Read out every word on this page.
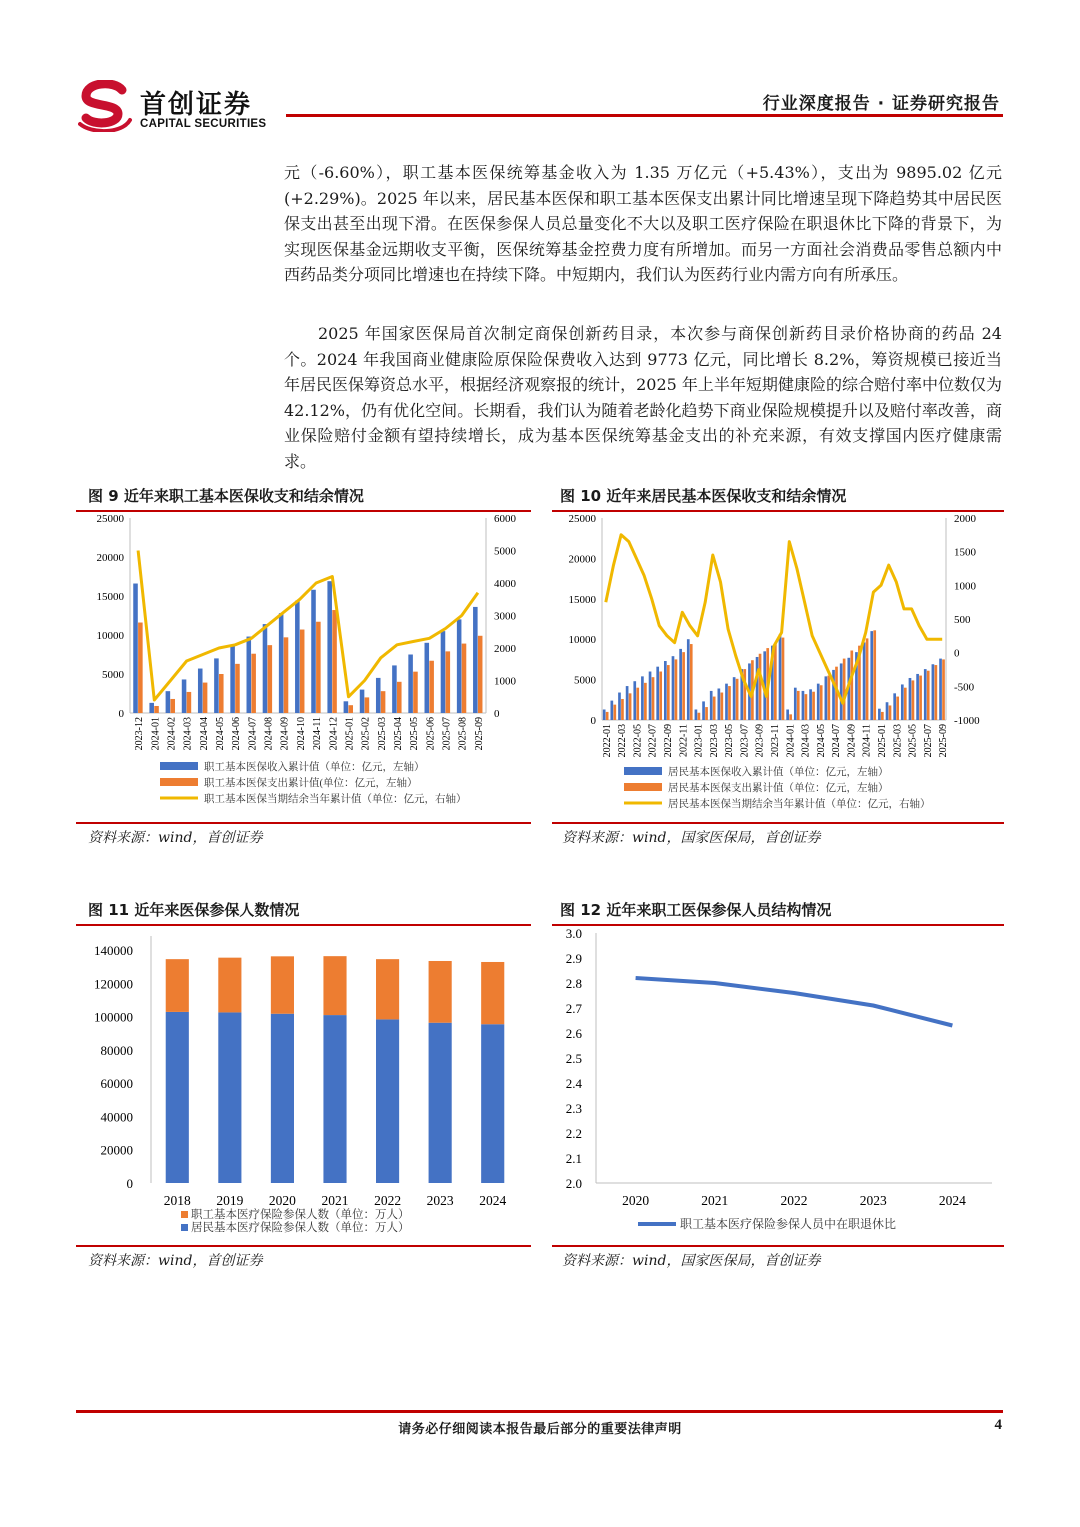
首创证券
CAPITAL SECURITIES
行业深度报告 · 证券研究报告

元（-6.60%），职工基本医保统筹基金收入为 1.35 万亿元（+5.43%），支出为 9895.02 亿元(+2.29%)。2025 年以来，居民基本医保和职工基本医保支出累计同比增速呈现下降趋势其中居民医保支出甚至出现下滑。在医保参保人员总量变化不大以及职工医疗保险在职退休比下降的背景下，为实现医保基金远期收支平衡，医保统筹基金控费力度有所增加。而另一方面社会消费品零售总额内中西药品类分项同比增速也在持续下降。中短期内，我们认为医药行业内需方向有所承压。

2025 年国家医保局首次制定商保创新药目录，本次参与商保创新药目录价格协商的药品 24 个。2024 年我国商业健康险原保险保费收入达到 9773 亿元，同比增长 8.2%，筹资规模已接近当年居民医保筹资总水平，根据经济观察报的统计，2025 年上半年短期健康险的综合赔付率中位数仅为 42.12%，仍有优化空间。长期看，我们认为随着老龄化趋势下商业保险规模提升以及赔付率改善，商业保险赔付金额有望持续增长，成为基本医保统筹基金支出的补充来源，有效支撑国内医疗健康需求。

图 9 近年来职工基本医保收支和结余情况
0
5000
10000
15000
20000
25000
0
1000
2000
3000
4000
5000
6000
2023-12 2024-01 2024-02 2024-03 2024-04 2024-05 2024-06 2024-07 2024-08 2024-09 2024-10 2024-11 2024-12 2025-01 2025-02 2025-03 2025-04 2025-05 2025-06 2025-07 2025-08 2025-09
职工基本医保收入累计值（单位：亿元，左轴）
职工基本医保支出累计值(单位：亿元，左轴）
职工基本医保当期结余当年累计值（单位：亿元，右轴）
资料来源：wind，首创证券
图 10 近年来居民基本医保收支和结余情况
0
5000
10000
15000
20000
25000
-1000
-500
0
500
1000
1500
2000
2022-01 2022-03 2022-05 2022-07 2022-09 2022-11 2023-01 2023-03 2023-05 2023-07 2023-09 2023-11 2024-01 2024-03 2024-05 2024-07 2024-09 2024-11 2025-01 2025-03 2025-05 2025-07 2025-09
居民基本医保收入累计值（单位：亿元，左轴）
居民基本医保支出累计值（单位：亿元，左轴）
居民基本医保当期结余当年累计值（单位：亿元，右轴）
资料来源：wind，国家医保局，首创证券
图 11 近年来医保参保人数情况
0
20000
40000
60000
80000
100000
120000
140000
2018 2019 2020 2021 2022 2023 2024
职工基本医疗保险参保人数（单位：万人）
居民基本医疗保险参保人数（单位：万人）
资料来源：wind，首创证券
图 12 近年来职工医保参保人员结构情况
2.0
2.1
2.2
2.3
2.4
2.5
2.6
2.7
2.8
2.9
3.0
2020	2021	2022	2023	2024
职工基本医疗保险参保人员中在职退休比
资料来源：wind，国家医保局，首创证券
请务必仔细阅读本报告最后部分的重要法律声明	4
